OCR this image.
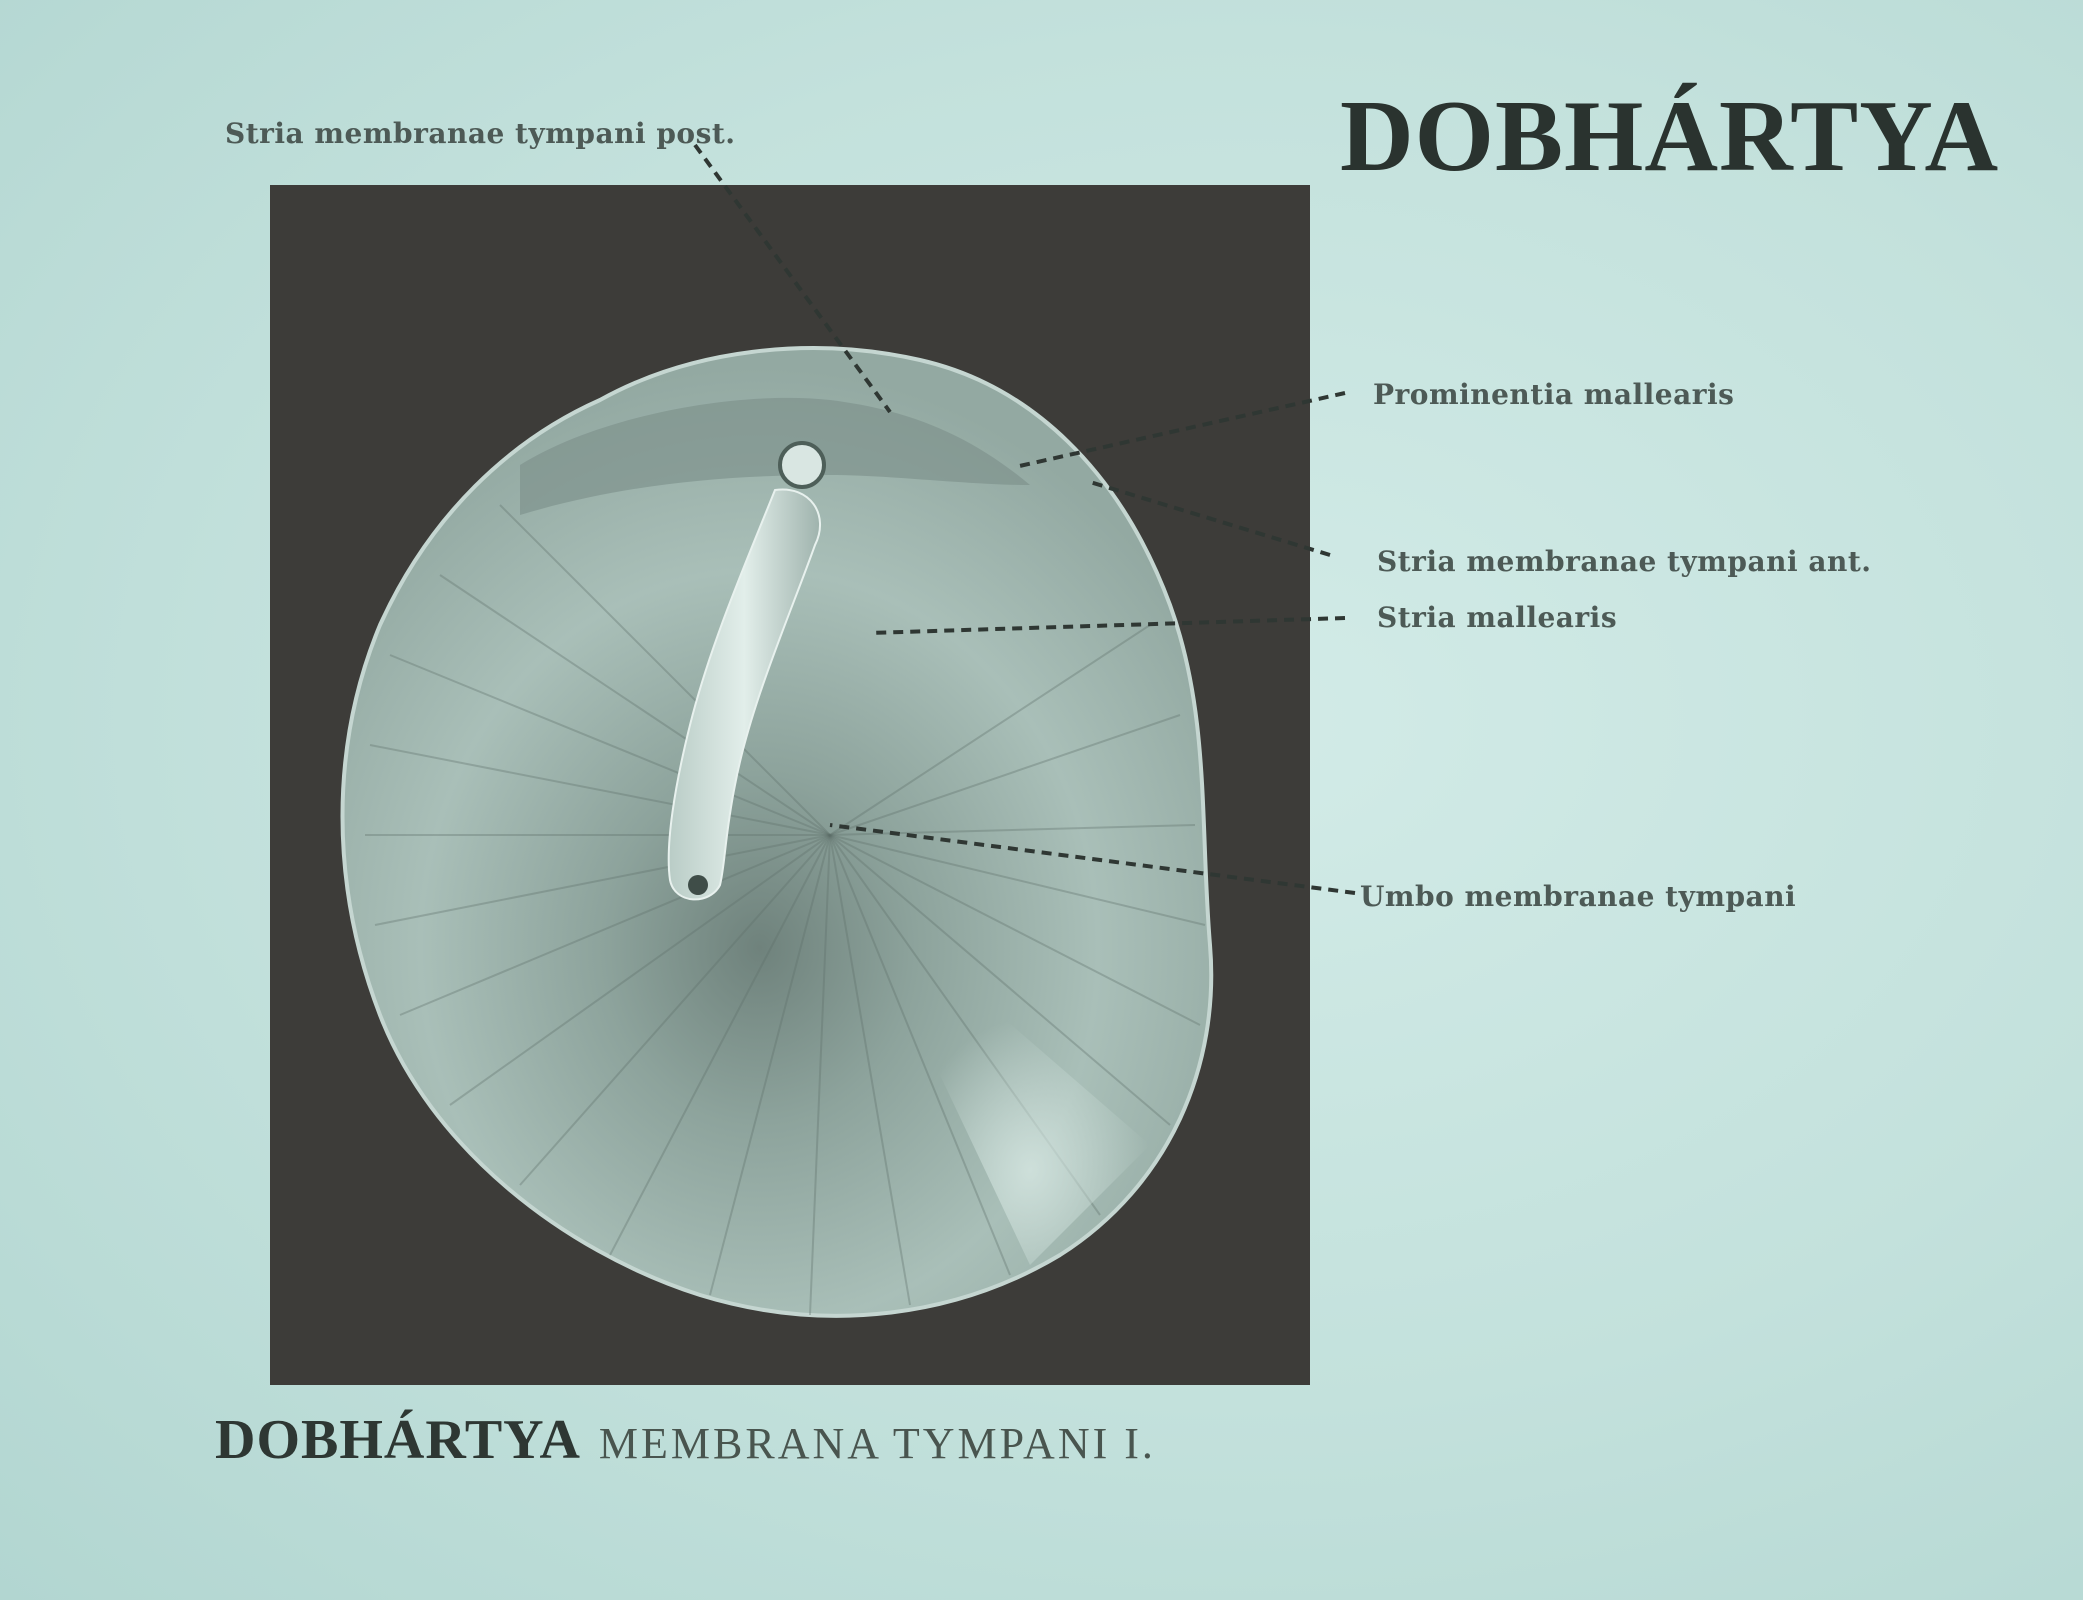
DOBHÁRTYA
Stria membranae tympani post.
Prominentia mallearis
Stria membranae tympani ant.
Stria mallearis
Umbo membranae tympani
DOBHÁRTYA MEMBRANA TYMPANI I.
